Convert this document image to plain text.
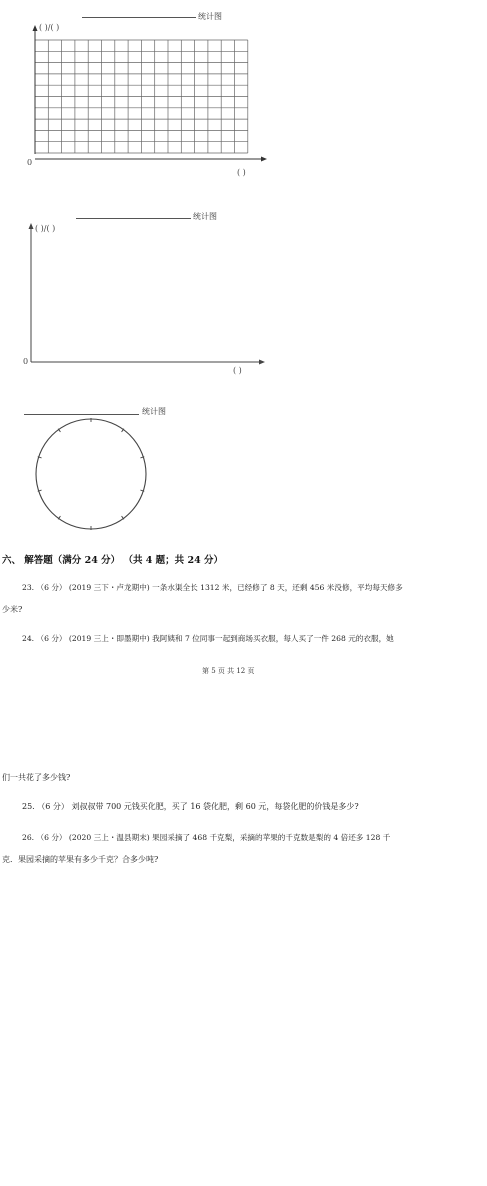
统计图
( )/( )
0
( )
统计图
( )/( )
0
( )
统计图
六、 解答题（满分 24 分） （共 4 题；共 24 分）
23. （6 分） (2019 三下・卢龙期中) 一条水渠全长 1312 米，已经修了 8 天，还剩 456 米没修，平均每天修多
少米?
24. （6 分） (2019 三上・即墨期中) 我阿姨和 7 位同事一起到商场买衣服，每人买了一件 268 元的衣服，她
第 5 页 共 12 页
们一共花了多少钱?
25. （6 分） 刘叔叔带 700 元钱买化肥，买了 16 袋化肥，剩 60 元，每袋化肥的价钱是多少?
26. （6 分） (2020 三上・温县期末) 果园采摘了 468 千克梨，采摘的苹果的千克数是梨的 4 倍还多 128 千
克．果园采摘的苹果有多少千克？合多少吨?
